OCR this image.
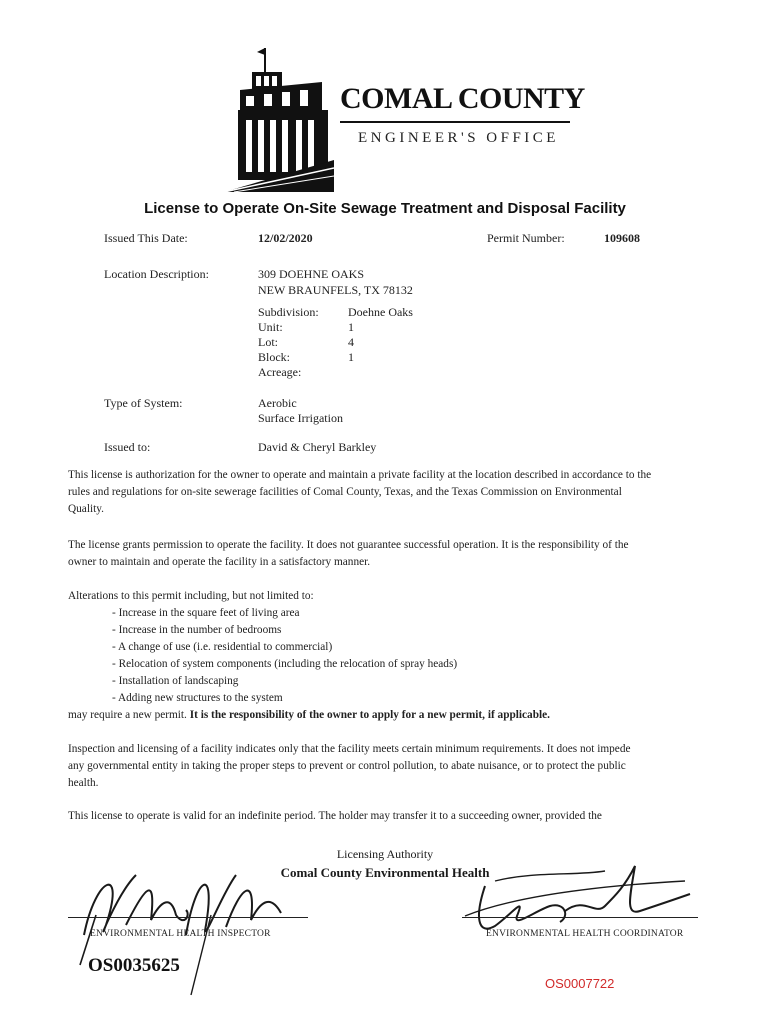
COMAL COUNTY
ENGINEER'S OFFICE
License to Operate On-Site Sewage Treatment and Disposal Facility
Issued This Date:	12/02/2020	Permit Number:	109608
Location Description:	309 DOEHNE OAKS
NEW BRAUNFELS, TX 78132
Subdivision: Doehne Oaks
Unit:	1
Lot:	4
Block:	1
Acreage:
Type of System:	Aerobic
Surface Irrigation
Issued to:	David & Cheryl Barkley

This license is authorization for the owner to operate and maintain a private facility at the location described in accordance to the rules and regulations for on-site sewerage facilities of Comal County, Texas, and the Texas Commission on Environmental Quality.

The license grants permission to operate the facility. It does not guarantee successful operation. It is the responsibility of the owner to maintain and operate the facility in a satisfactory manner.

Alterations to this permit including, but not limited to:

- Increase in the square feet of living area
- Increase in the number of bedrooms
- A change of use (i.e. residential to commercial)
- Relocation of system components (including the relocation of spray heads)
- Installation of landscaping
- Adding new structures to the system

may require a new permit. It is the responsibility of the owner to apply for a new permit, if applicable.

Inspection and licensing of a facility indicates only that the facility meets certain minimum requirements. It does not impede any governmental entity in taking the proper steps to prevent or control pollution, to abate nuisance, or to protect the public health.

This license to operate is valid for an indefinite period. The holder may transfer it to a succeeding owner, provided the

Licensing Authority
Comal County Environmental Health
ENVIRONMENTAL HEALTH INSPECTOR	ENVIRONMENTAL HEALTH COORDINATOR
OS0035625
OS0007722
